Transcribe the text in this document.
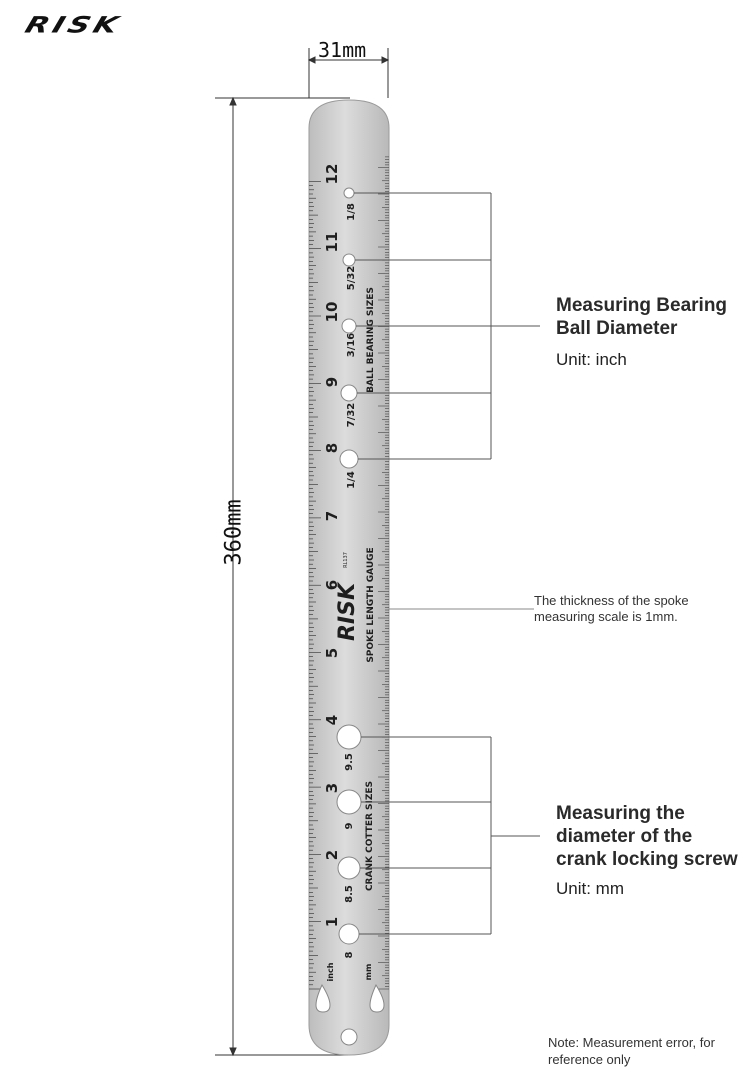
1
2
3
4
5
6
7
8
9
10
11
12
1/8
5/32
3/16
7/32
1/4
BALL BEARING SIZES
RISK
RL137 SPOKE LENGTH GAUGE
9.5
9
8.5
8
CRANK COTTER SIZES
inch	mm
RISK
31mm
360mm
Measuring Bearing Ball Diameter
Unit: inch
The thickness of the spoke measuring scale is 1mm.
Measuring the diameter of the crank locking screw
Unit: mm
Note: Measurement error, for reference only
